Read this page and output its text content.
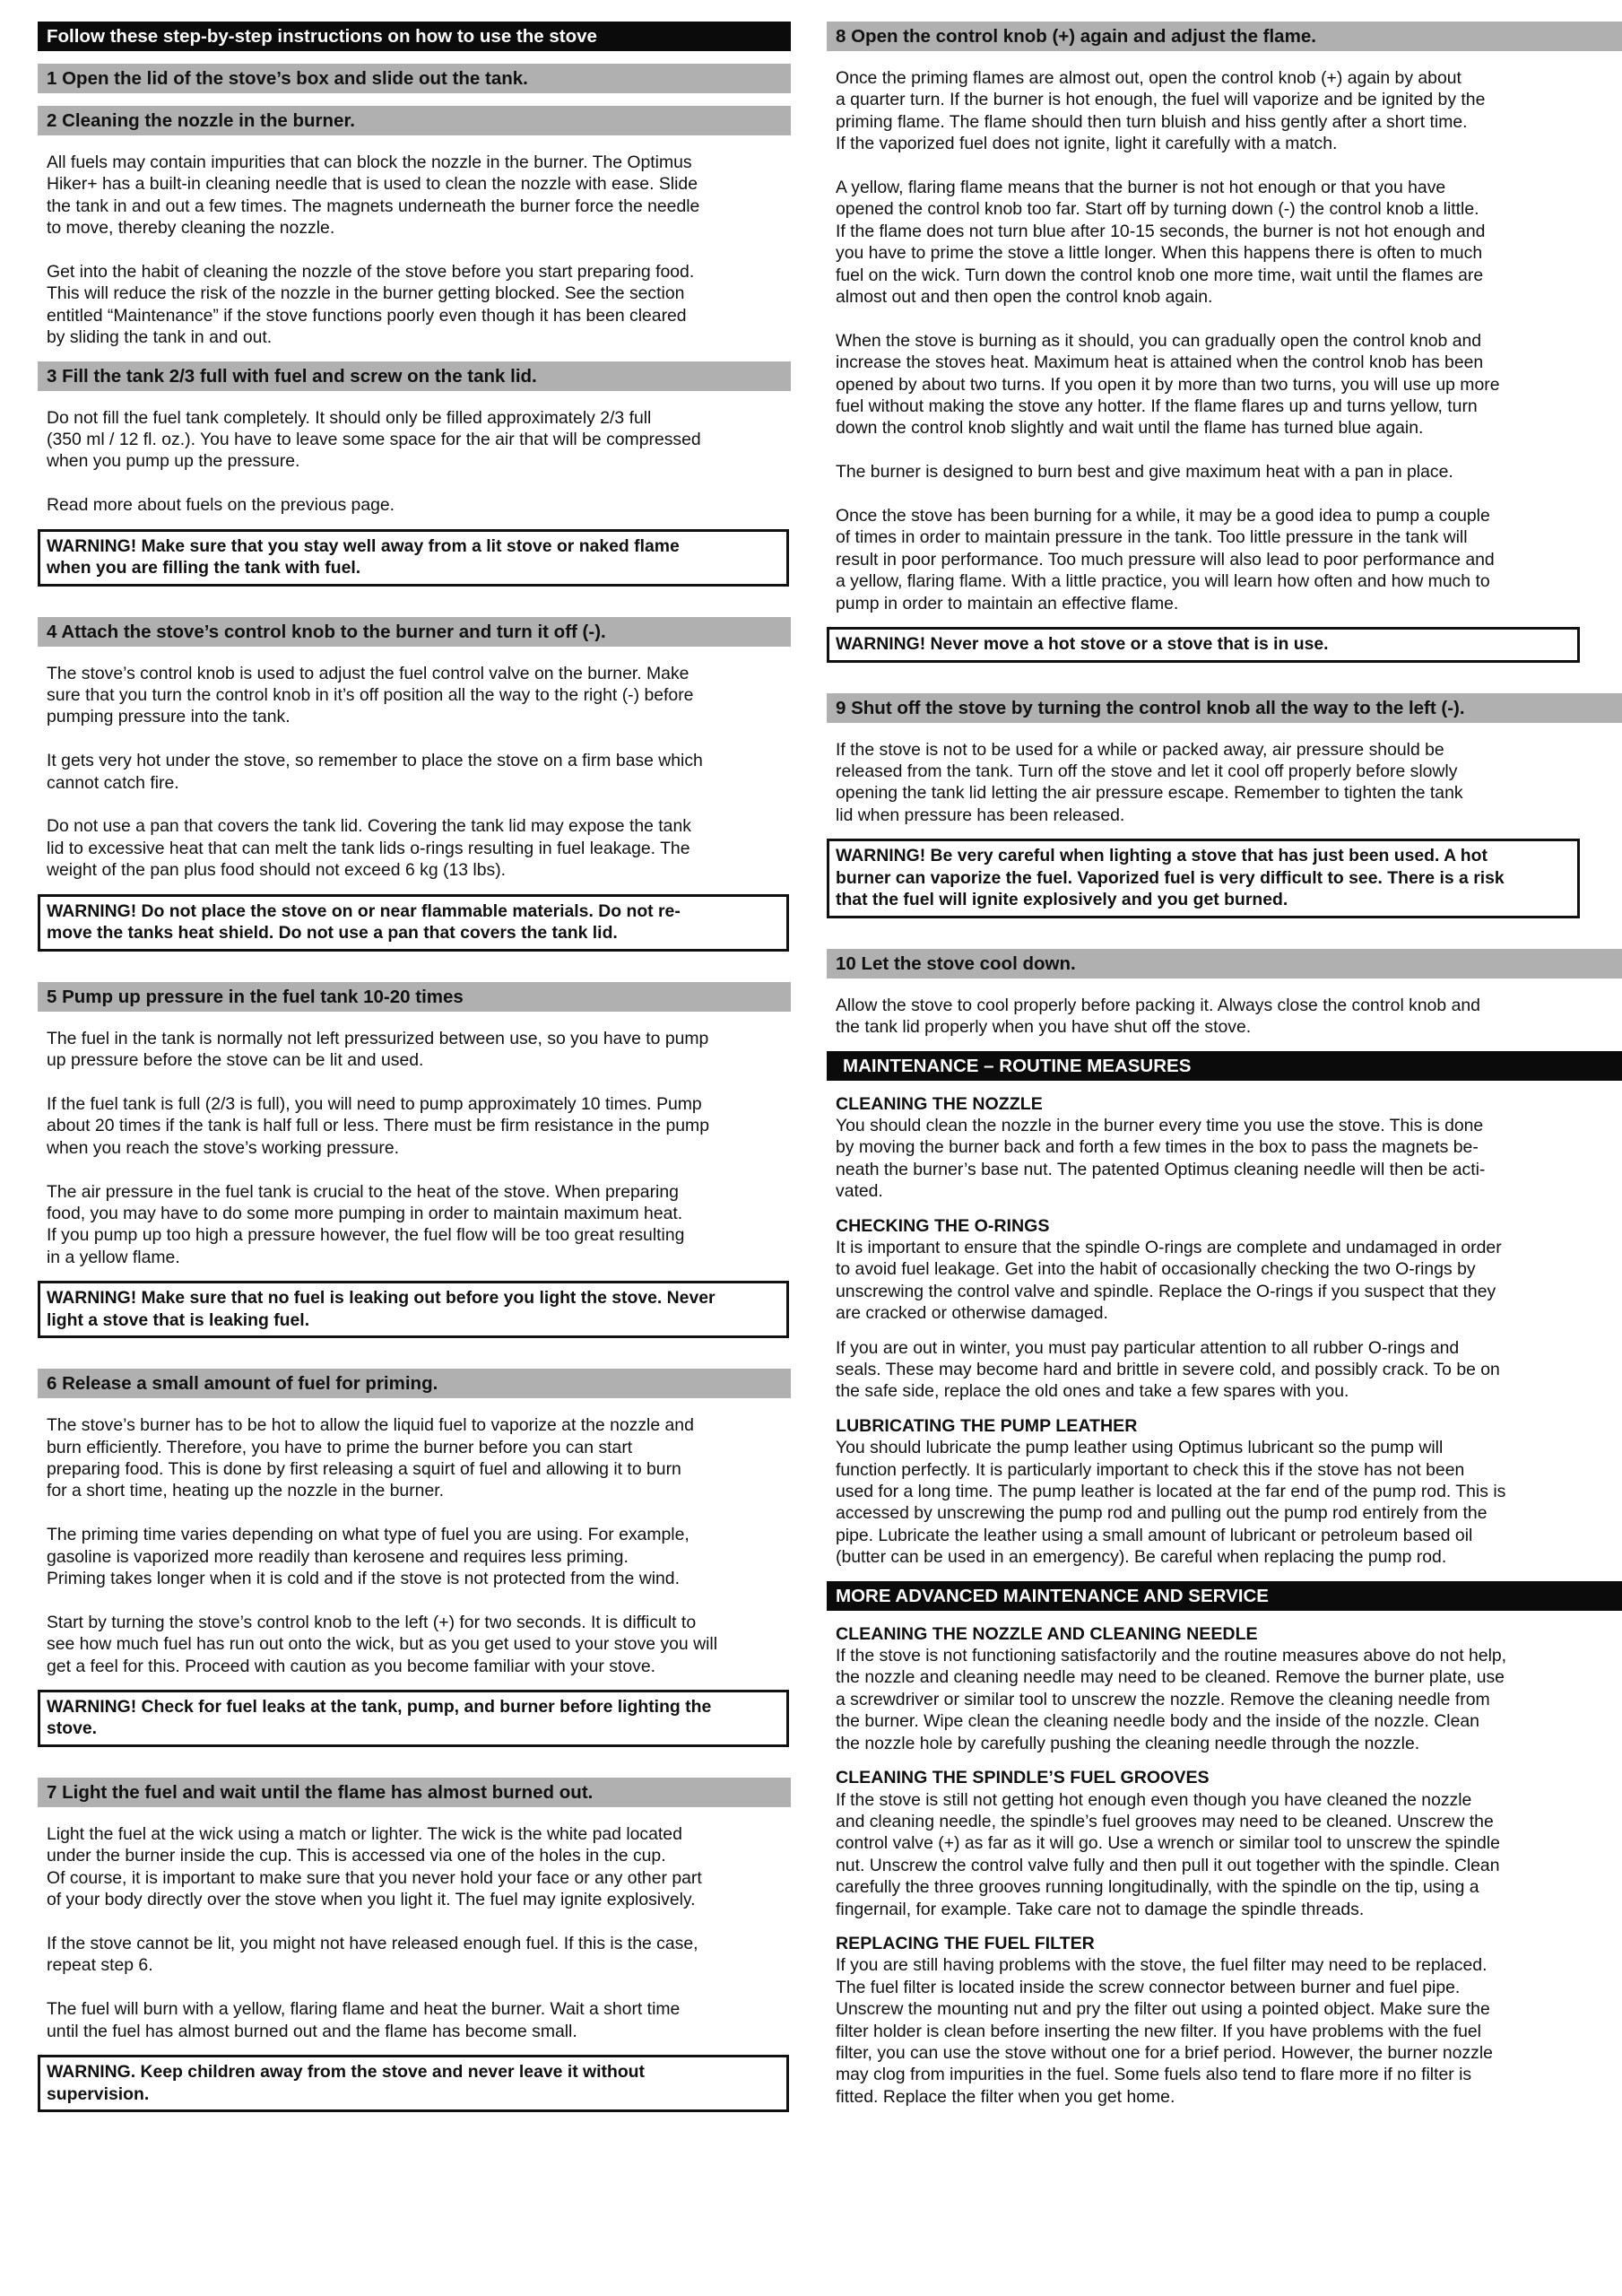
Follow these step-by-step instructions on how to use the stove
1 Open the lid of the stove’s box and slide out the tank.
2 Cleaning the nozzle in the burner.
All fuels may contain impurities that can block the nozzle in the burner. The Optimus
Hiker+ has a built-in cleaning needle that is used to clean the nozzle with ease. Slide
the tank in and out a few times. The magnets underneath the burner force the needle
to move, thereby cleaning the nozzle.
Get into the habit of cleaning the nozzle of the stove before you start preparing food.
This will reduce the risk of the nozzle in the burner getting blocked. See the section
entitled “Maintenance” if the stove functions poorly even though it has been cleared
by sliding the tank in and out.
3 Fill the tank 2/3 full with fuel and screw on the tank lid.
Do not fill the fuel tank completely. It should only be filled approximately 2/3 full
(350 ml / 12 fl. oz.). You have to leave some space for the air that will be compressed
when you pump up the pressure.
Read more about fuels on the previous page.
WARNING! Make sure that you stay well away from a lit stove or naked flame
when you are filling the tank with fuel.
4 Attach the stove’s control knob to the burner and turn it off (-).
The stove’s control knob is used to adjust the fuel control valve on the burner. Make
sure that you turn the control knob in it’s off position all the way to the right (-) before
pumping pressure into the tank.
It gets very hot under the stove, so remember to place the stove on a firm base which
cannot catch fire.
Do not use a pan that covers the tank lid. Covering the tank lid may expose the tank
lid to excessive heat that can melt the tank lids o-rings resulting in fuel leakage. The
weight of the pan plus food should not exceed 6 kg (13 lbs).
WARNING! Do not place the stove on or near flammable materials. Do not re-
move the tanks heat shield. Do not use a pan that covers the tank lid.
5 Pump up pressure in the fuel tank 10-20 times
The fuel in the tank is normally not left pressurized between use, so you have to pump
up pressure before the stove can be lit and used.
If the fuel tank is full (2/3 is full), you will need to pump approximately 10 times. Pump
about 20 times if the tank is half full or less. There must be firm resistance in the pump
when you reach the stove’s working pressure.
The air pressure in the fuel tank is crucial to the heat of the stove. When preparing
food, you may have to do some more pumping in order to maintain maximum heat.
If you pump up too high a pressure however, the fuel flow will be too great resulting
in a yellow flame.
WARNING! Make sure that no fuel is leaking out before you light the stove. Never
light a stove that is leaking fuel.
6 Release a small amount of fuel for priming.
The stove’s burner has to be hot to allow the liquid fuel to vaporize at the nozzle and
burn efficiently. Therefore, you have to prime the burner before you can start
preparing food. This is done by first releasing a squirt of fuel and allowing it to burn
for a short time, heating up the nozzle in the burner.
The priming time varies depending on what type of fuel you are using. For example,
gasoline is vaporized more readily than kerosene and requires less priming.
Priming takes longer when it is cold and if the stove is not protected from the wind.
Start by turning the stove’s control knob to the left (+) for two seconds. It is difficult to
see how much fuel has run out onto the wick, but as you get used to your stove you will
get a feel for this. Proceed with caution as you become familiar with your stove.
WARNING! Check for fuel leaks at the tank, pump, and burner before lighting the
stove.
7 Light the fuel and wait until the flame has almost burned out.
Light the fuel at the wick using a match or lighter. The wick is the white pad located
under the burner inside the cup. This is accessed via one of the holes in the cup.
Of course, it is important to make sure that you never hold your face or any other part
of your body directly over the stove when you light it. The fuel may ignite explosively.
If the stove cannot be lit, you might not have released enough fuel. If this is the case,
repeat step 6.
The fuel will burn with a yellow, flaring flame and heat the burner. Wait a short time
until the fuel has almost burned out and the flame has become small.
WARNING. Keep children away from the stove and never leave it without
supervision.
8 Open the control knob (+) again and adjust the flame.
Once the priming flames are almost out, open the control knob (+) again by about
a quarter turn. If the burner is hot enough, the fuel will vaporize and be ignited by the
priming flame. The flame should then turn bluish and hiss gently after a short time.
If the vaporized fuel does not ignite, light it carefully with a match.
A yellow, flaring flame means that the burner is not hot enough or that you have
opened the control knob too far. Start off by turning down (-) the control knob a little.
If the flame does not turn blue after 10-15 seconds, the burner is not hot enough and
you have to prime the stove a little longer. When this happens there is often to much
fuel on the wick. Turn down the control knob one more time, wait until the flames are
almost out and then open the control knob again.
When the stove is burning as it should, you can gradually open the control knob and
increase the stoves heat. Maximum heat is attained when the control knob has been
opened by about two turns. If you open it by more than two turns, you will use up more
fuel without making the stove any hotter. If the flame flares up and turns yellow, turn
down the control knob slightly and wait until the flame has turned blue again.
The burner is designed to burn best and give maximum heat with a pan in place.
Once the stove has been burning for a while, it may be a good idea to pump a couple
of times in order to maintain pressure in the tank. Too little pressure in the tank will
result in poor performance. Too much pressure will also lead to poor performance and
a yellow, flaring flame. With a little practice, you will learn how often and how much to
pump in order to maintain an effective flame.
WARNING! Never move a hot stove or a stove that is in use.
9 Shut off the stove by turning the control knob all the way to the left (-).
If the stove is not to be used for a while or packed away, air pressure should be
released from the tank. Turn off the stove and let it cool off properly before slowly
opening the tank lid letting the air pressure escape. Remember to tighten the tank
lid when pressure has been released.
WARNING! Be very careful when lighting a stove that has just been used. A hot
burner can vaporize the fuel. Vaporized fuel is very difficult to see. There is a risk
that the fuel will ignite explosively and you get burned.
10 Let the stove cool down.
Allow the stove to cool properly before packing it. Always close the control knob and
the tank lid properly when you have shut off the stove.
MAINTENANCE – ROUTINE MEASURES
CLEANING THE NOZZLE
You should clean the nozzle in the burner every time you use the stove. This is done
by moving the burner back and forth a few times in the box to pass the magnets be-
neath the burner’s base nut. The patented Optimus cleaning needle will then be acti-
vated.
CHECKING THE O-RINGS
It is important to ensure that the spindle O-rings are complete and undamaged in order
to avoid fuel leakage. Get into the habit of occasionally checking the two O-rings by
unscrewing the control valve and spindle. Replace the O-rings if you suspect that they
are cracked or otherwise damaged.
If you are out in winter, you must pay particular attention to all rubber O-rings and
seals. These may become hard and brittle in severe cold, and possibly crack. To be on
the safe side, replace the old ones and take a few spares with you.
LUBRICATING THE PUMP LEATHER
You should lubricate the pump leather using Optimus lubricant so the pump will
function perfectly. It is particularly important to check this if the stove has not been
used for a long time. The pump leather is located at the far end of the pump rod. This is
accessed by unscrewing the pump rod and pulling out the pump rod entirely from the
pipe. Lubricate the leather using a small amount of lubricant or petroleum based oil
(butter can be used in an emergency). Be careful when replacing the pump rod.
MORE ADVANCED MAINTENANCE AND SERVICE
CLEANING THE NOZZLE AND CLEANING NEEDLE
If the stove is not functioning satisfactorily and the routine measures above do not help,
the nozzle and cleaning needle may need to be cleaned. Remove the burner plate, use
a screwdriver or similar tool to unscrew the nozzle. Remove the cleaning needle from
the burner. Wipe clean the cleaning needle body and the inside of the nozzle. Clean
the nozzle hole by carefully pushing the cleaning needle through the nozzle.
CLEANING THE SPINDLE’S FUEL GROOVES
If the stove is still not getting hot enough even though you have cleaned the nozzle
and cleaning needle, the spindle’s fuel grooves may need to be cleaned. Unscrew the
control valve (+) as far as it will go. Use a wrench or similar tool to unscrew the spindle
nut. Unscrew the control valve fully and then pull it out together with the spindle. Clean
carefully the three grooves running longitudinally, with the spindle on the tip, using a
fingernail, for example. Take care not to damage the spindle threads.
REPLACING THE FUEL FILTER
If you are still having problems with the stove, the fuel filter may need to be replaced.
The fuel filter is located inside the screw connector between burner and fuel pipe.
Unscrew the mounting nut and pry the filter out using a pointed object. Make sure the
filter holder is clean before inserting the new filter. If you have problems with the fuel
filter, you can use the stove without one for a brief period. However, the burner nozzle
may clog from impurities in the fuel. Some fuels also tend to flare more if no filter is
fitted. Replace the filter when you get home.
